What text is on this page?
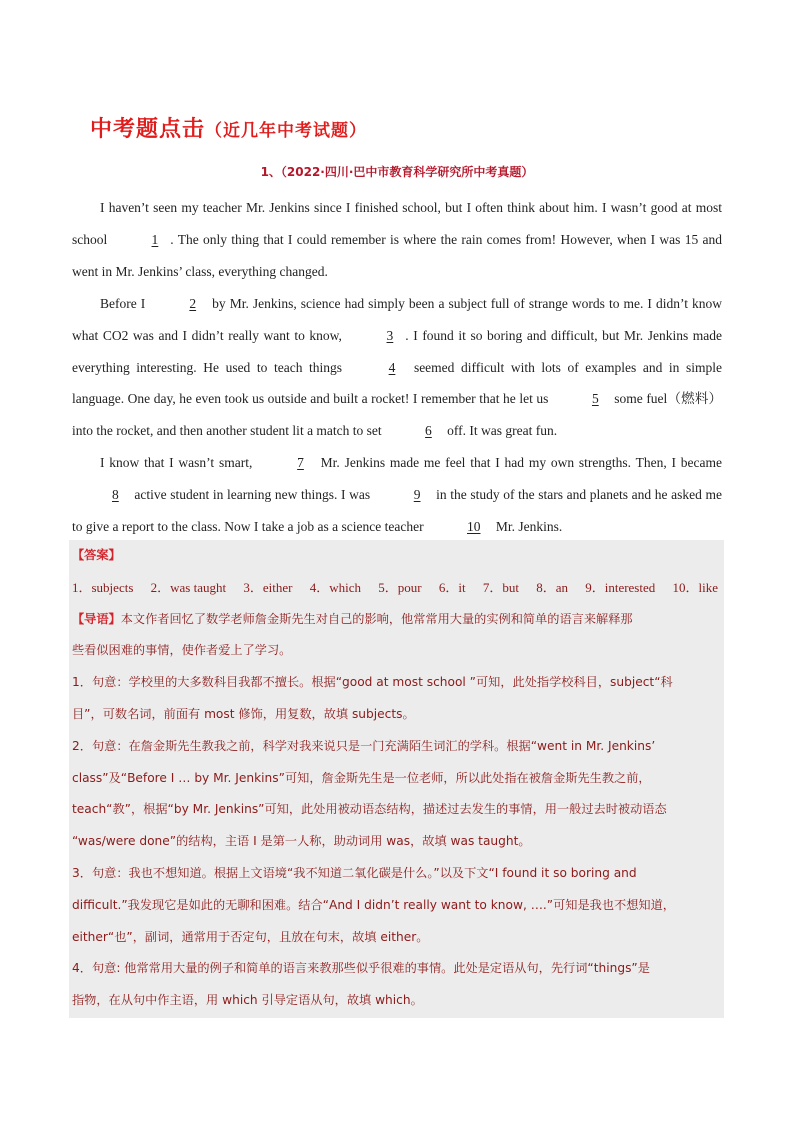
中考题点击（近几年中考试题）
1、（2022·四川·巴中市教育科学研究所中考真题）

I haven’t seen my teacher Mr. Jenkins since I finished school, but I often think about him. I wasn’t good at most school	1 . The only thing that I could remember is where the rain comes from! However, when I was 15 and went in Mr. Jenkins’ class, everything changed.

Before I	2 by Mr. Jenkins, science had simply been a subject full of strange words to me. I didn’t know what CO2 was and I didn’t really want to know,	3 . I found it so boring and difficult, but Mr. Jenkins made everything interesting. He used to teach things	4 seemed difficult with lots of examples and in simple language. One day, he even took us outside and built a rocket! I remember that he let us	5 some fuel（燃料）into the rocket, and then another student lit a match to set	6 off. It was great fun.

I know that I wasn’t smart,	7 Mr. Jenkins made me feel that I had my own strengths. Then, I became 8 active student in learning new things. I was	9 in the study of the stars and planets and he asked me to give a report to the class. Now I take a job as a science teacher	10 Mr. Jenkins.

【答案】
1．subjects 2．was taught 3．either 4．which 5．pour 6．it 7．but 8．an 9．interested 10．like
【导语】本文作者回忆了数学老师詹金斯先生对自己的影响，他常常用大量的实例和简单的语言来解释那
些看似困难的事情，使作者爱上了学习。
1．句意：学校里的大多数科目我都不擅长。根据“good at most school ”可知，此处指学校科目，subject“科
目”，可数名词，前面有 most 修饰，用复数，故填 subjects。
2．句意：在詹金斯先生教我之前，科学对我来说只是一门充满陌生词汇的学科。根据“went in Mr. Jenkins’
class”及“Before I … by Mr. Jenkins”可知，詹金斯先生是一位老师，所以此处指在被詹金斯先生教之前，
teach“教”，根据“by Mr. Jenkins”可知，此处用被动语态结构，描述过去发生的事情，用一般过去时被动语态
“was/were done”的结构，主语 I 是第一人称，助动词用 was，故填 was taught。
3．句意：我也不想知道。根据上文语境“我不知道二氧化碳是什么。”以及下文“I found it so boring and
difficult.”我发现它是如此的无聊和困难。结合“And I didn’t really want to know, ….”可知是我也不想知道，
either“也”，副词，通常用于否定句，且放在句末，故填 either。
4．句意: 他常常用大量的例子和简单的语言来教那些似乎很难的事情。此处是定语从句，先行词“things”是
指物，在从句中作主语，用 which 引导定语从句，故填 which。
